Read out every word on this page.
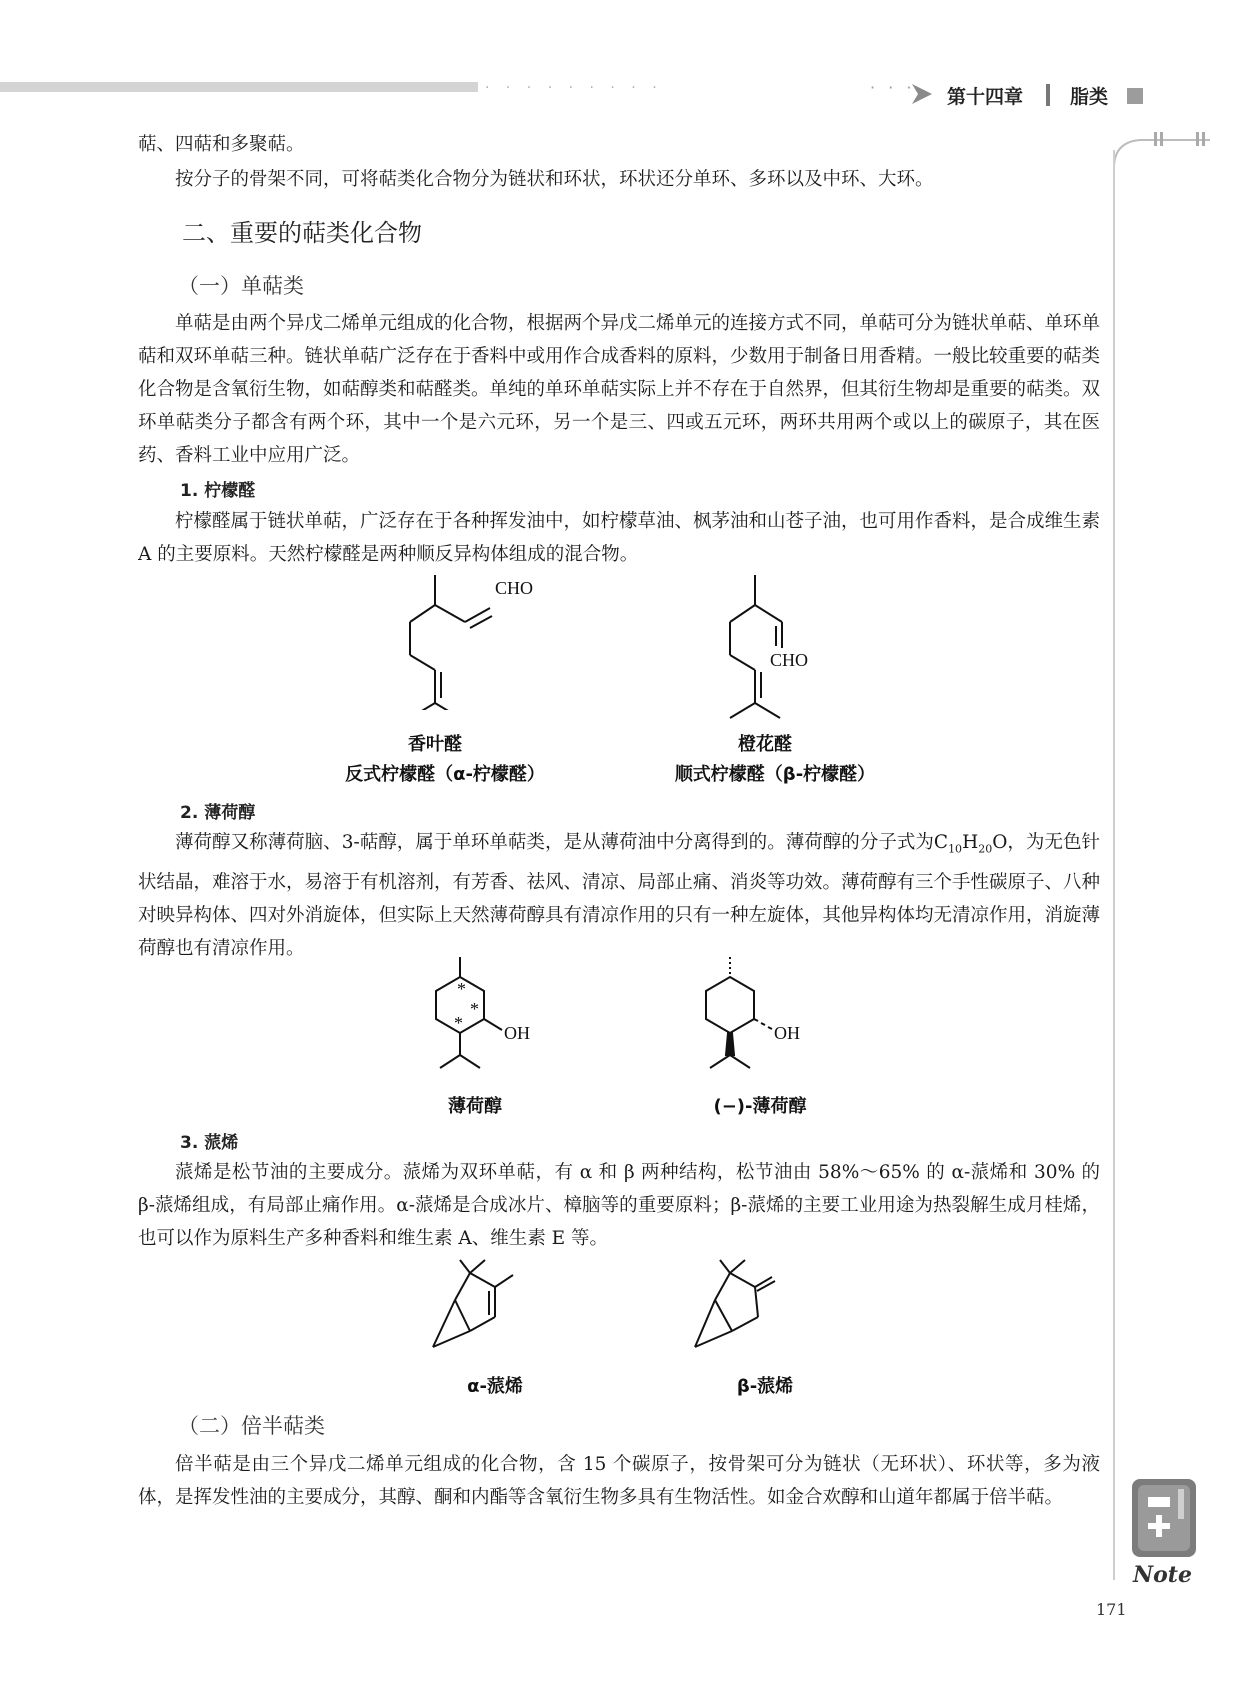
· · · · · · · · ·	· · · 第十四章 脂类
萜、四萜和多聚萜。
按分子的骨架不同，可将萜类化合物分为链状和环状，环状还分单环、多环以及中环、大环。
二、重要的萜类化合物
（一）单萜类
单萜是由两个异戊二烯单元组成的化合物，根据两个异戊二烯单元的连接方式不同，单萜可分为链状单萜、单环单萜和双环单萜三种。链状单萜广泛存在于香料中或用作合成香料的原料，少数用于制备日用香精。一般比较重要的萜类化合物是含氧衍生物，如萜醇类和萜醛类。单纯的单环单萜实际上并不存在于自然界，但其衍生物却是重要的萜类。双环单萜类分子都含有两个环，其中一个是六元环，另一个是三、四或五元环，两环共用两个或以上的碳原子，其在医药、香料工业中应用广泛。
1. 柠檬醛
柠檬醛属于链状单萜，广泛存在于各种挥发油中，如柠檬草油、枫茅油和山苍子油，也可用作香料，是合成维生素 A 的主要原料。天然柠檬醛是两种顺反异构体组成的混合物。
CHO
CHO
香叶醛
反式柠檬醛（α-柠檬醛）
橙花醛
顺式柠檬醛（β-柠檬醛）
2. 薄荷醇
薄荷醇又称薄荷脑、3-萜醇，属于单环单萜类，是从薄荷油中分离得到的。薄荷醇的分子式为$C_{10}H_{20}O$，为无色针状结晶，难溶于水，易溶于有机溶剂，有芳香、祛风、清凉、局部止痛、消炎等功效。薄荷醇有三个手性碳原子、八种对映异构体、四对外消旋体，但实际上天然薄荷醇具有清凉作用的只有一种左旋体，其他异构体均无清凉作用，消旋薄荷醇也有清凉作用。
*
*
* OH	OH
薄荷醇	(−)-薄荷醇
3. 蒎烯
蒎烯是松节油的主要成分。蒎烯为双环单萜，有 α 和 β 两种结构，松节油由 58%～65% 的 α-蒎烯和 30% 的 β-蒎烯组成，有局部止痛作用。α-蒎烯是合成冰片、樟脑等的重要原料；β-蒎烯的主要工业用途为热裂解生成月桂烯，也可以作为原料生产多种香料和维生素 A、维生素 E 等。
α-蒎烯	β-蒎烯
（二）倍半萜类
倍半萜是由三个异戊二烯单元组成的化合物，含 15 个碳原子，按骨架可分为链状（无环状）、环状等，多为液体，是挥发性油的主要成分，其醇、酮和内酯等含氧衍生物多具有生物活性。如金合欢醇和山道年都属于倍半萜。
Note
171
